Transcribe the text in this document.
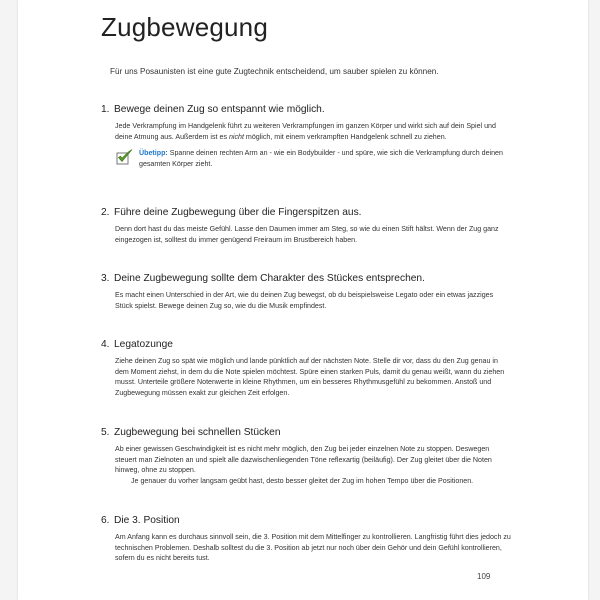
Zugbewegung

Für uns Posaunisten ist eine gute Zugtechnik entscheidend, um sauber spielen zu können.

1. Bewege deinen Zug so entspannt wie möglich.

Jede Verkrampfung im Handgelenk führt zu weiteren Verkrampfungen im ganzen Körper und wirkt sich auf dein Spiel und deine Atmung aus. Außerdem ist es nicht möglich, mit einem verkrampften Handgelenk schnell zu ziehen.

Übetipp: Spanne deinen rechten Arm an - wie ein Bodybuilder - und spüre, wie sich die Verkrampfung durch deinen gesamten Körper zieht.
2. Führe deine Zugbewegung über die Fingerspitzen aus.

Denn dort hast du das meiste Gefühl. Lasse den Daumen immer am Steg, so wie du einen Stift hältst. Wenn der Zug ganz eingezogen ist, solltest du immer genügend Freiraum im Brustbereich haben.

3. Deine Zugbewegung sollte dem Charakter des Stückes entsprechen.

Es macht einen Unterschied in der Art, wie du deinen Zug bewegst, ob du beispielsweise Legato oder ein etwas jazziges Stück spielst. Bewege deinen Zug so, wie du die Musik empfindest.

4. Legatozunge

Ziehe deinen Zug so spät wie möglich und lande pünktlich auf der nächsten Note. Stelle dir vor, dass du den Zug genau in dem Moment ziehst, in dem du die Note spielen möchtest. Spüre einen starken Puls, damit du genau weißt, wann du ziehen musst. Unterteile größere Notenwerte in kleine Rhythmen, um ein besseres Rhythmusgefühl zu bekommen. Anstoß und Zugbewegung müssen exakt zur gleichen Zeit erfolgen.

5. Zugbewegung bei schnellen Stücken

Ab einer gewissen Geschwindigkeit ist es nicht mehr möglich, den Zug bei jeder einzelnen Note zu stoppen. Deswegen steuert man Zielnoten an und spielt alle dazwischenliegenden Töne reflexartig (beiläufig). Der Zug gleitet über die Noten hinweg, ohne zu stoppen.
Je genauer du vorher langsam geübt hast, desto besser gleitet der Zug im hohen Tempo über die Positionen.

6. Die 3. Position

Am Anfang kann es durchaus sinnvoll sein, die 3. Position mit dem Mittelfinger zu kontrollieren. Langfristig führt dies jedoch zu technischen Problemen. Deshalb solltest du die 3. Position ab jetzt nur noch über dein Gehör und dein Gefühl kontrollieren, sofern du es nicht bereits tust.

109
